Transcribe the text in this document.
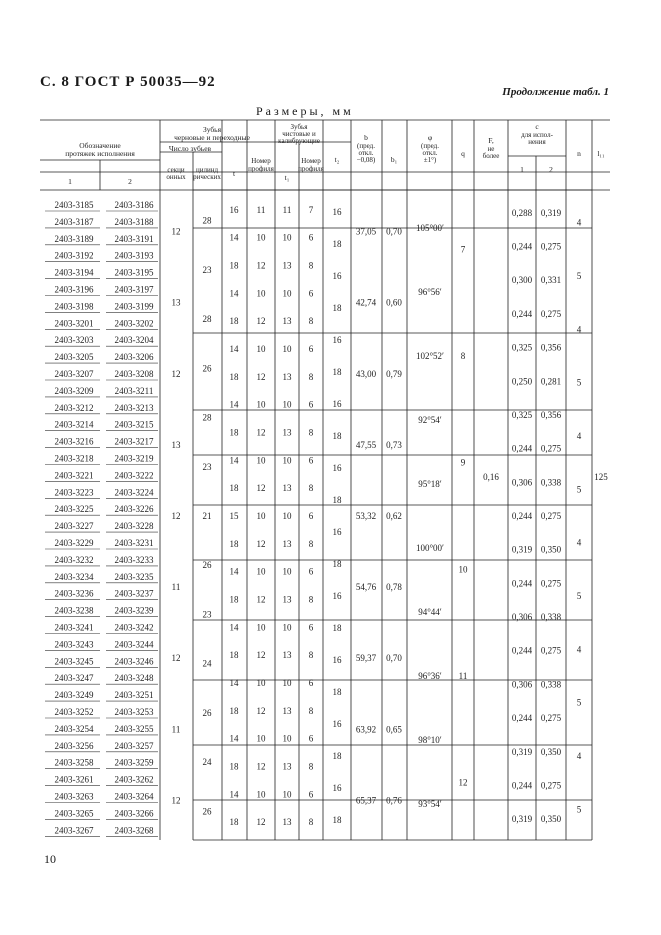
С. 8 ГОСТ Р 50035—92
Продолжение табл. 1
Размеры, мм
10
Обозначение
протяжек исполнения
1	2
Зубья
черновые и переходные
Число зубьев
секци
онных
цилинд
рических t
Номер
профиля
Зубья
чистовые и
калибрующие
t₁
Номер
профиля
t₂
b
(пред.
откл.
−0,08) b₁
φ
(пред.
откл.
±1°)
q
F,
не
более
c
для испол-
нения
1	2
n l₁₁
2403-3185 2403-3186
2403-3187 2403-3188
2403-3189 2403-3191
2403-3192 2403-3193
2403-3194 2403-3195
2403-3196 2403-3197
2403-3198 2403-3199
2403-3201 2403-3202
2403-3203 2403-3204
2403-3205 2403-3206
2403-3207 2403-3208
2403-3209 2403-3211
2403-3212 2403-3213
2403-3214 2403-3215
2403-3216 2403-3217
2403-3218 2403-3219
2403-3221 2403-3222
2403-3223 2403-3224
2403-3225 2403-3226
2403-3227 2403-3228
2403-3229 2403-3231
2403-3232 2403-3233
2403-3234 2403-3235
2403-3236 2403-3237
2403-3238 2403-3239
2403-3241 2403-3242
2403-3243 2403-3244
2403-3245 2403-3246
2403-3247 2403-3248
2403-3249 2403-3251
2403-3252 2403-3253
2403-3254 2403-3255
2403-3256 2403-3257
2403-3258 2403-3259
2403-3261 2403-3262
2403-3263 2403-3264
2403-3265 2403-3266
2403-3267 2403-3268
12
13
12
13
12
11
12
11
12
28
23
28
26
28
23
21
26
23
24
26
24
26
16
14
18
14
18
14
18
14
18
14
18
15
18
14
18
14
18
14
18
14
18
14
18
11
10
12
10
12
10
12
10
12
10
12
10
12
10
12
10
12
10
12
10
12
10
12
11
10
13
10
13
10
13
10
13
10
13
10
13
10
13
10
13
10
13
10
13
10
13
7
6
8
6
8
6
8
6
8
6
8
6
8
6
8
6
8
6
8
6
8
6
8
16
18
16
18
16
18
16
18
16
18
16
18
16
18
16
18
16
18
16
18
37,05
42,74
43,00
47,55
53,32
54,76
59,37
63,92
65,37
0,70
0,60
0,79
0,73
0,62
0,78
0,70
0,65
0,76
105°00′
96°56′
102°52′
92°54′
95°18′
100°00′
94°44′
96°36′
98°10′
93°54′
7
8
9
10
11
12
0,16
0,288
0,244
0,300
0,244
0,325
0,250
0,325
0,244
0,306
0,244
0,319
0,244
0,306
0,244
0,306
0,244
0,319
0,244
0,319
0,319
0,275
0,331
0,275
0,356
0,281
0,356
0,275
0,338
0,275
0,350
0,275
0,338
0,275
0,338
0,275
0,350
0,275
0,350
4
5
4
5
4
5
4
5
4
5
4
5
125
